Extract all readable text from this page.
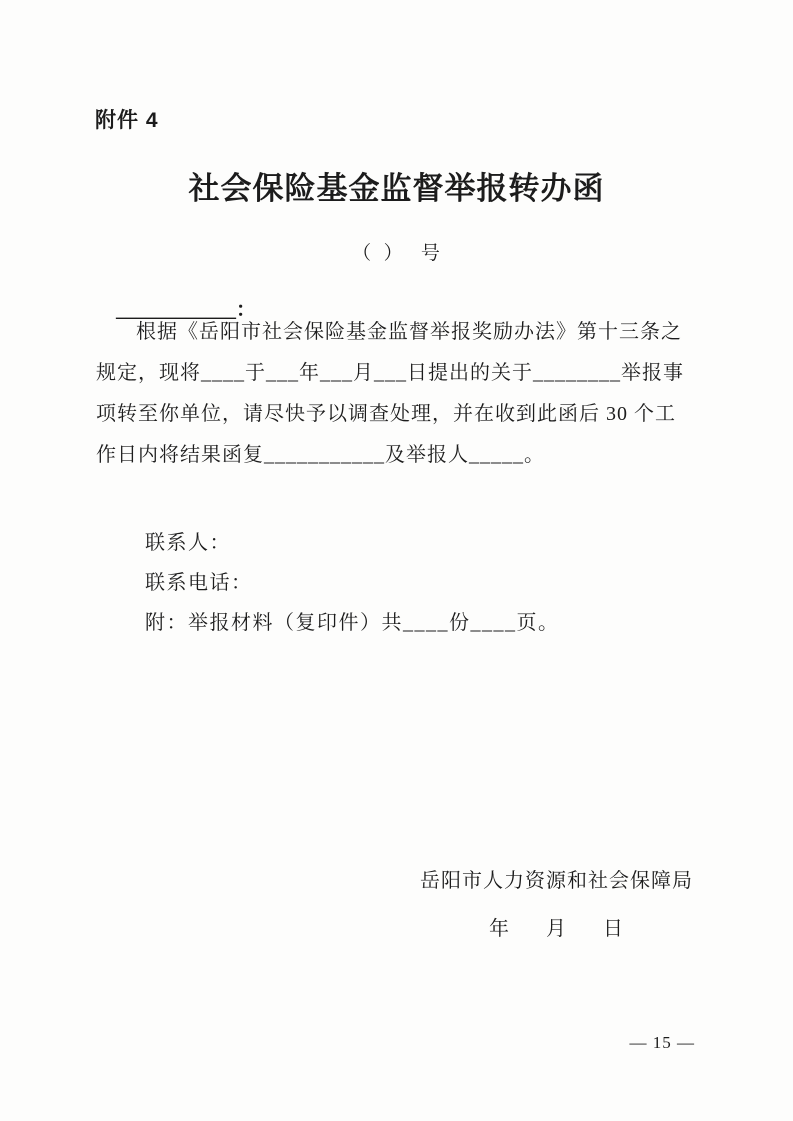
附件 4
社会保险基金监督举报转办函
（  ）   号

____________：

根据《岳阳市社会保险基金监督举报奖励办法》第十三条之
规定，现将____于___年___月___日提出的关于________举报事
项转至你单位，请尽快予以调查处理，并在收到此函后 30 个工
作日内将结果函复___________及举报人_____。
联系人：
联系电话：
附：举报材料（复印件）共____份____页。
岳阳市人力资源和社会保障局
年      月      日
— 15 —
